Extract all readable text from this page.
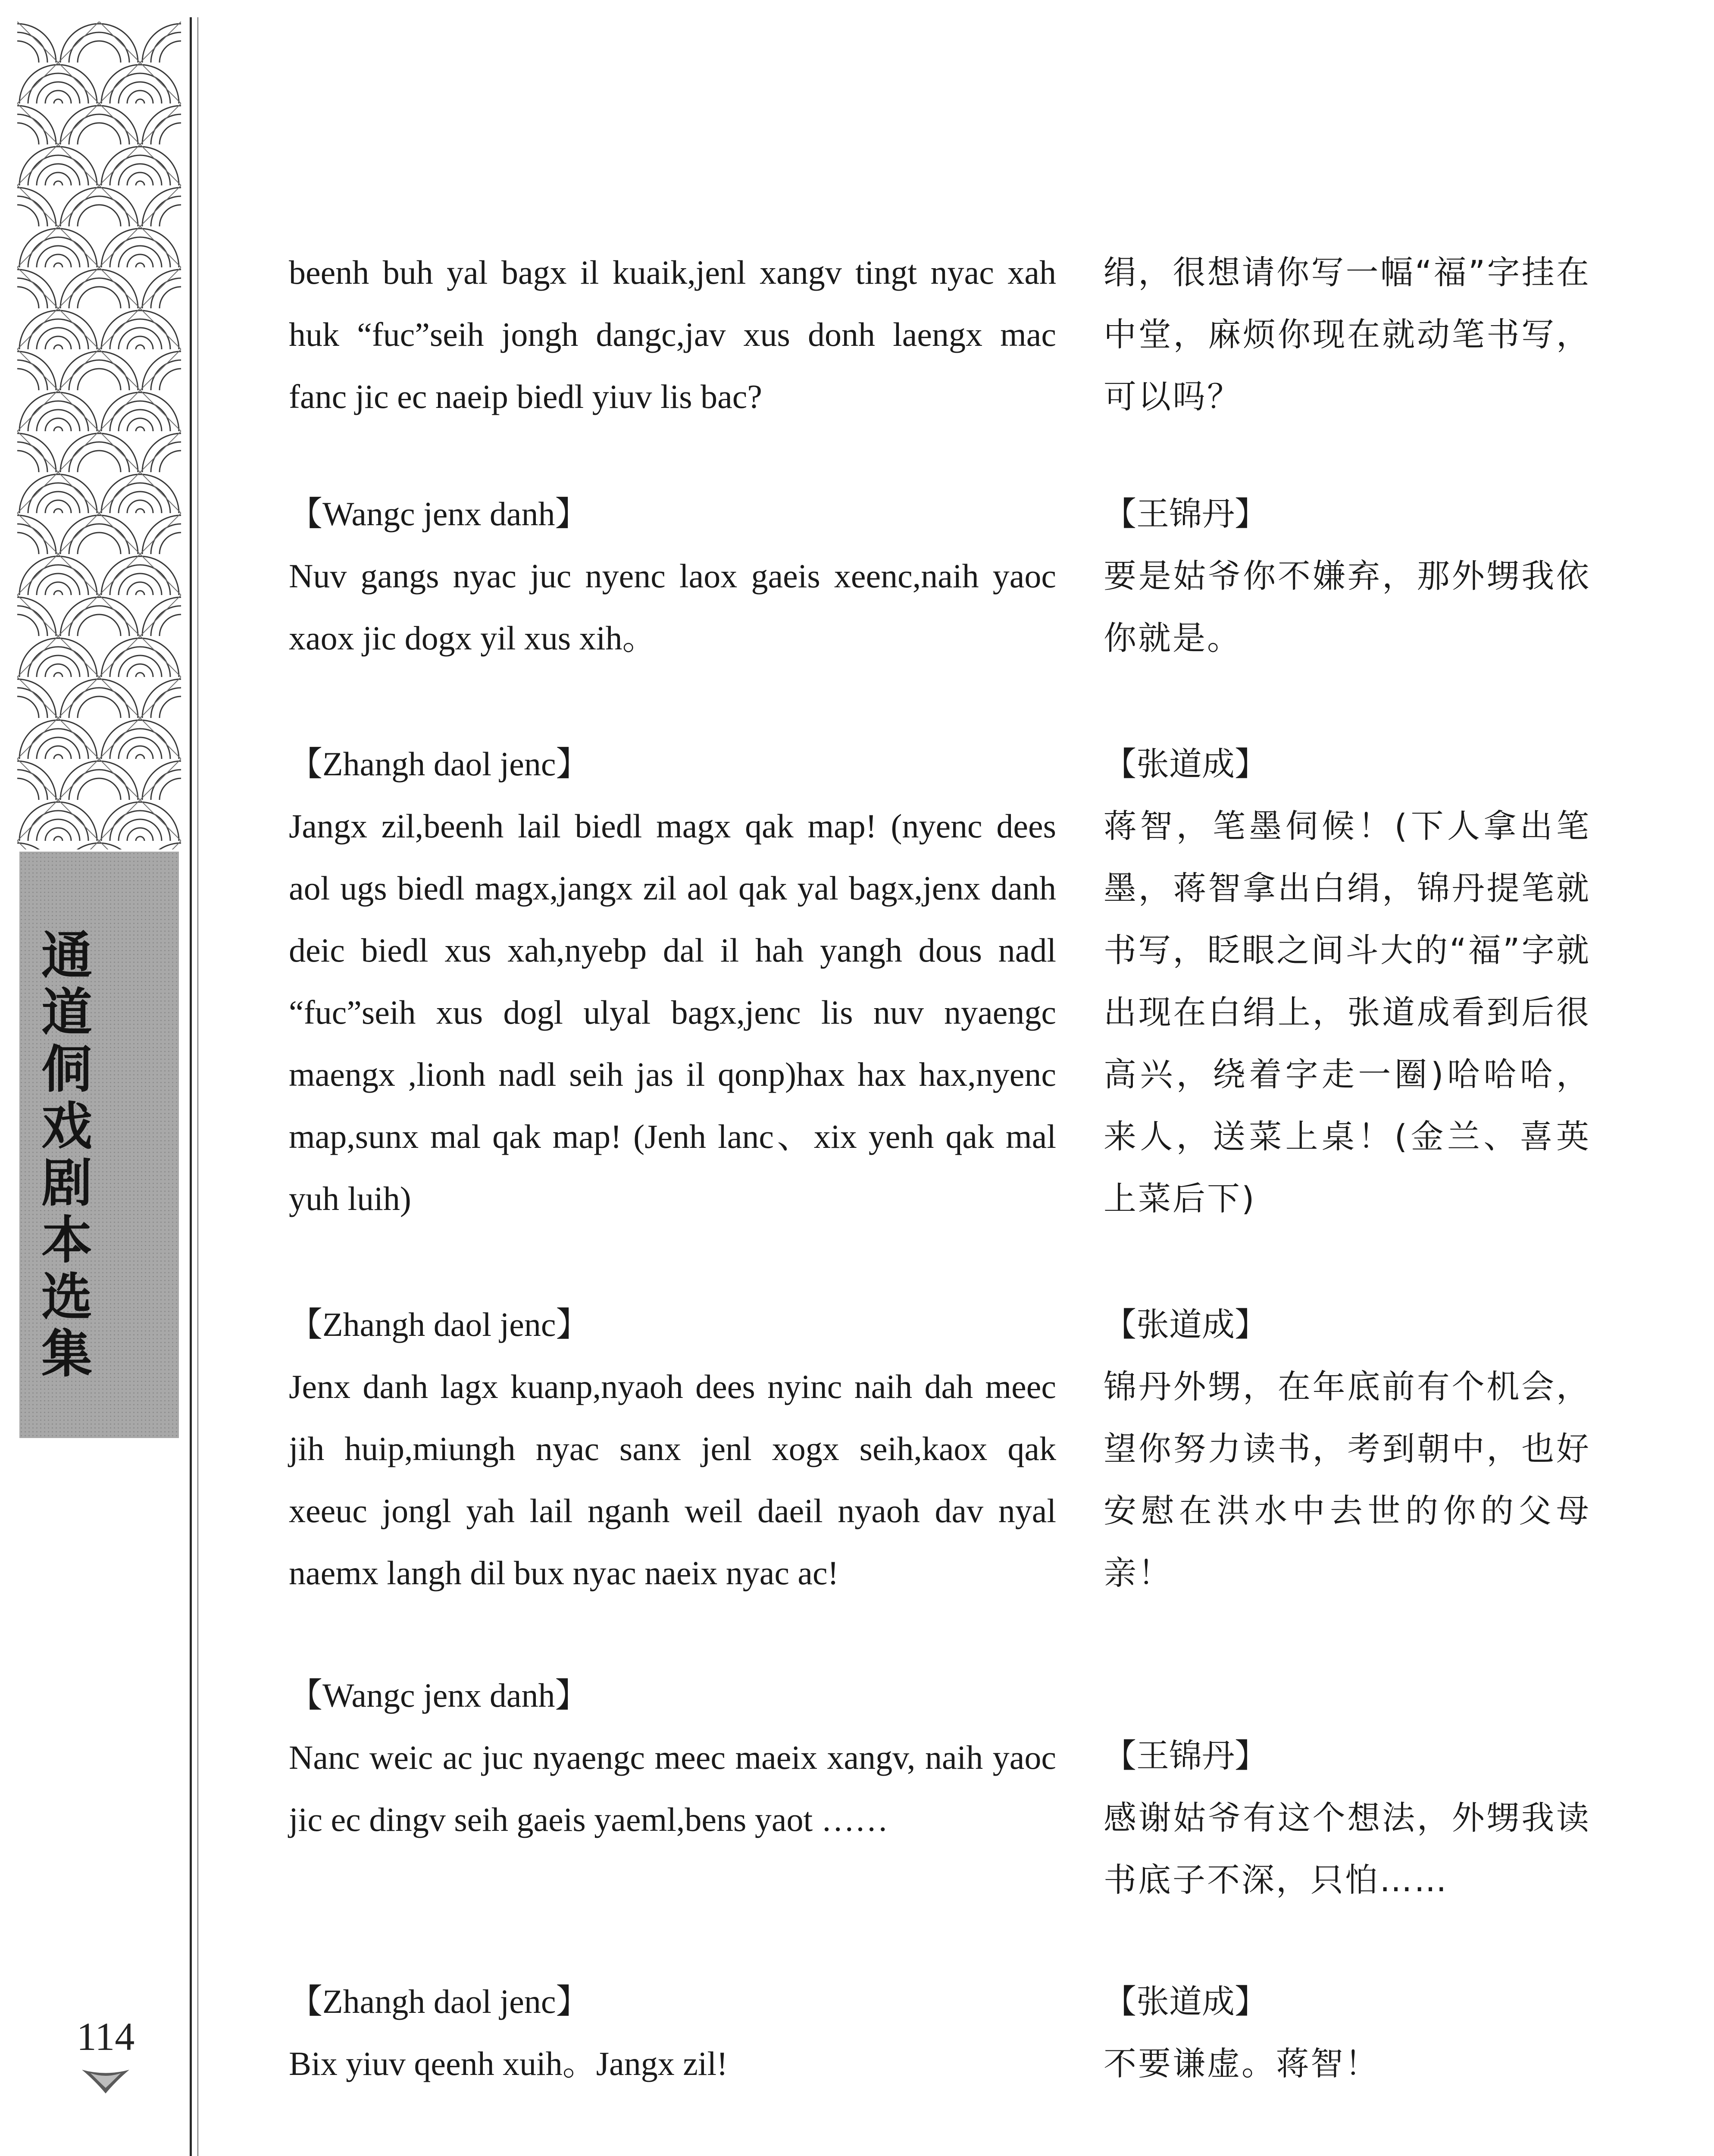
通道侗戏剧本选集
114

beenh buh yal bagx il kuaik,jenl xangv tingt nyac xah huk “fuc”seih jongh dangc,jav xus donh laengx mac fanc jic ec naeip biedl yiuv lis bac?

绢，很想请你写一幅“福”字挂在中堂，麻烦你现在就动笔书写，可以吗？

【Wangc jenx danh】

Nuv gangs nyac juc nyenc laox gaeis xeenc,naih yaoc xaox jic dogx yil xus xih。

【王锦丹】

要是姑爷你不嫌弃，那外甥我依你就是。

【Zhangh daol jenc】

Jangx zil,beenh lail biedl magx qak map! (nyenc dees aol ugs biedl magx,jangx zil aol qak yal bagx,jenx danh deic biedl xus xah,nyebp dal il hah yangh dous nadl “fuc”seih xus dogl ulyal bagx,jenc lis nuv nyaengc maengx ,lionh nadl seih jas il qonp)hax hax hax,nyenc map,sunx mal qak map! (Jenh lanc、xix yenh qak mal yuh luih)

【张道成】

蒋智，笔墨伺候！(下人拿出笔墨，蒋智拿出白绢，锦丹提笔就书写，眨眼之间斗大的“福”字就出现在白绢上，张道成看到后很高兴，绕着字走一圈)哈哈哈，来人，送菜上桌！(金兰、喜英上菜后下)

【Zhangh daol jenc】

Jenx danh lagx kuanp,nyaoh dees nyinc naih dah meec jih huip,miungh nyac sanx jenl xogx seih,kaox qak xeeuc jongl yah lail nganh weil daeil nyaoh dav nyal naemx langh dil bux nyac naeix nyac ac!

【张道成】

锦丹外甥，在年底前有个机会，望你努力读书，考到朝中，也好安慰在洪水中去世的你的父母亲！

【Wangc jenx danh】

Nanc weic ac juc nyaengc meec maeix xangv, naih yaoc jic ec dingv seih gaeis yaeml,bens yaot ……

【王锦丹】

感谢姑爷有这个想法，外甥我读书底子不深，只怕……

【Zhangh daol jenc】

Bix yiuv qeenh xuih。Jangx zil!

【张道成】

不要谦虚。蒋智！
